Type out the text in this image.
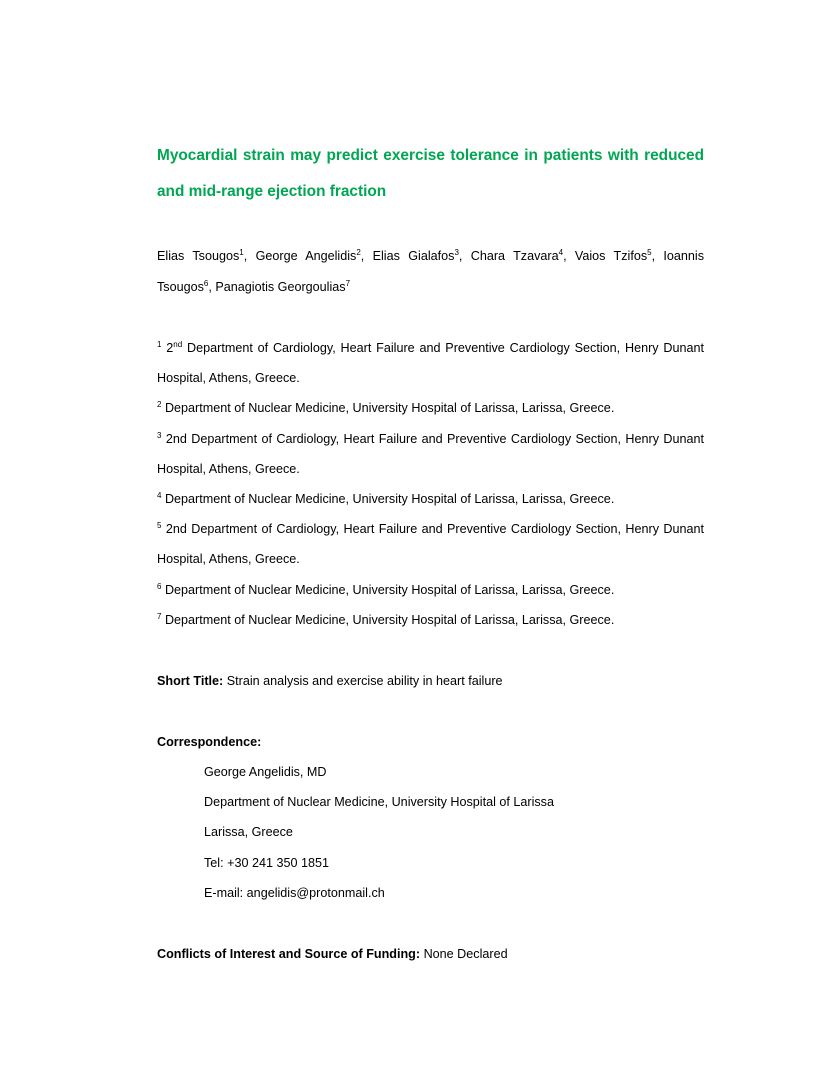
Myocardial strain may predict exercise tolerance in patients with reduced and mid-range ejection fraction

Elias Tsougos$^1$, George Angelidis$^2$, Elias Gialafos$^3$, Chara Tzavara$^4$, Vaios Tzifos$^5$, Ioannis Tsougos$^6$, Panagiotis Georgoulias$^7$

$^1$ 2nd Department of Cardiology, Heart Failure and Preventive Cardiology Section, Henry Dunant Hospital, Athens, Greece.
$^2$ Department of Nuclear Medicine, University Hospital of Larissa, Larissa, Greece.
$^3$ 2nd Department of Cardiology, Heart Failure and Preventive Cardiology Section, Henry Dunant Hospital, Athens, Greece.
$^4$ Department of Nuclear Medicine, University Hospital of Larissa, Larissa, Greece.
$^5$ 2nd Department of Cardiology, Heart Failure and Preventive Cardiology Section, Henry Dunant Hospital, Athens, Greece.
$^6$ Department of Nuclear Medicine, University Hospital of Larissa, Larissa, Greece.
$^7$ Department of Nuclear Medicine, University Hospital of Larissa, Larissa, Greece.

Short Title: Strain analysis and exercise ability in heart failure

Correspondence:

George Angelidis, MD
Department of Nuclear Medicine, University Hospital of Larissa
Larissa, Greece
Tel: +30 241 350 1851
E-mail: angelidis@protonmail.ch

Conflicts of Interest and Source of Funding: None Declared
